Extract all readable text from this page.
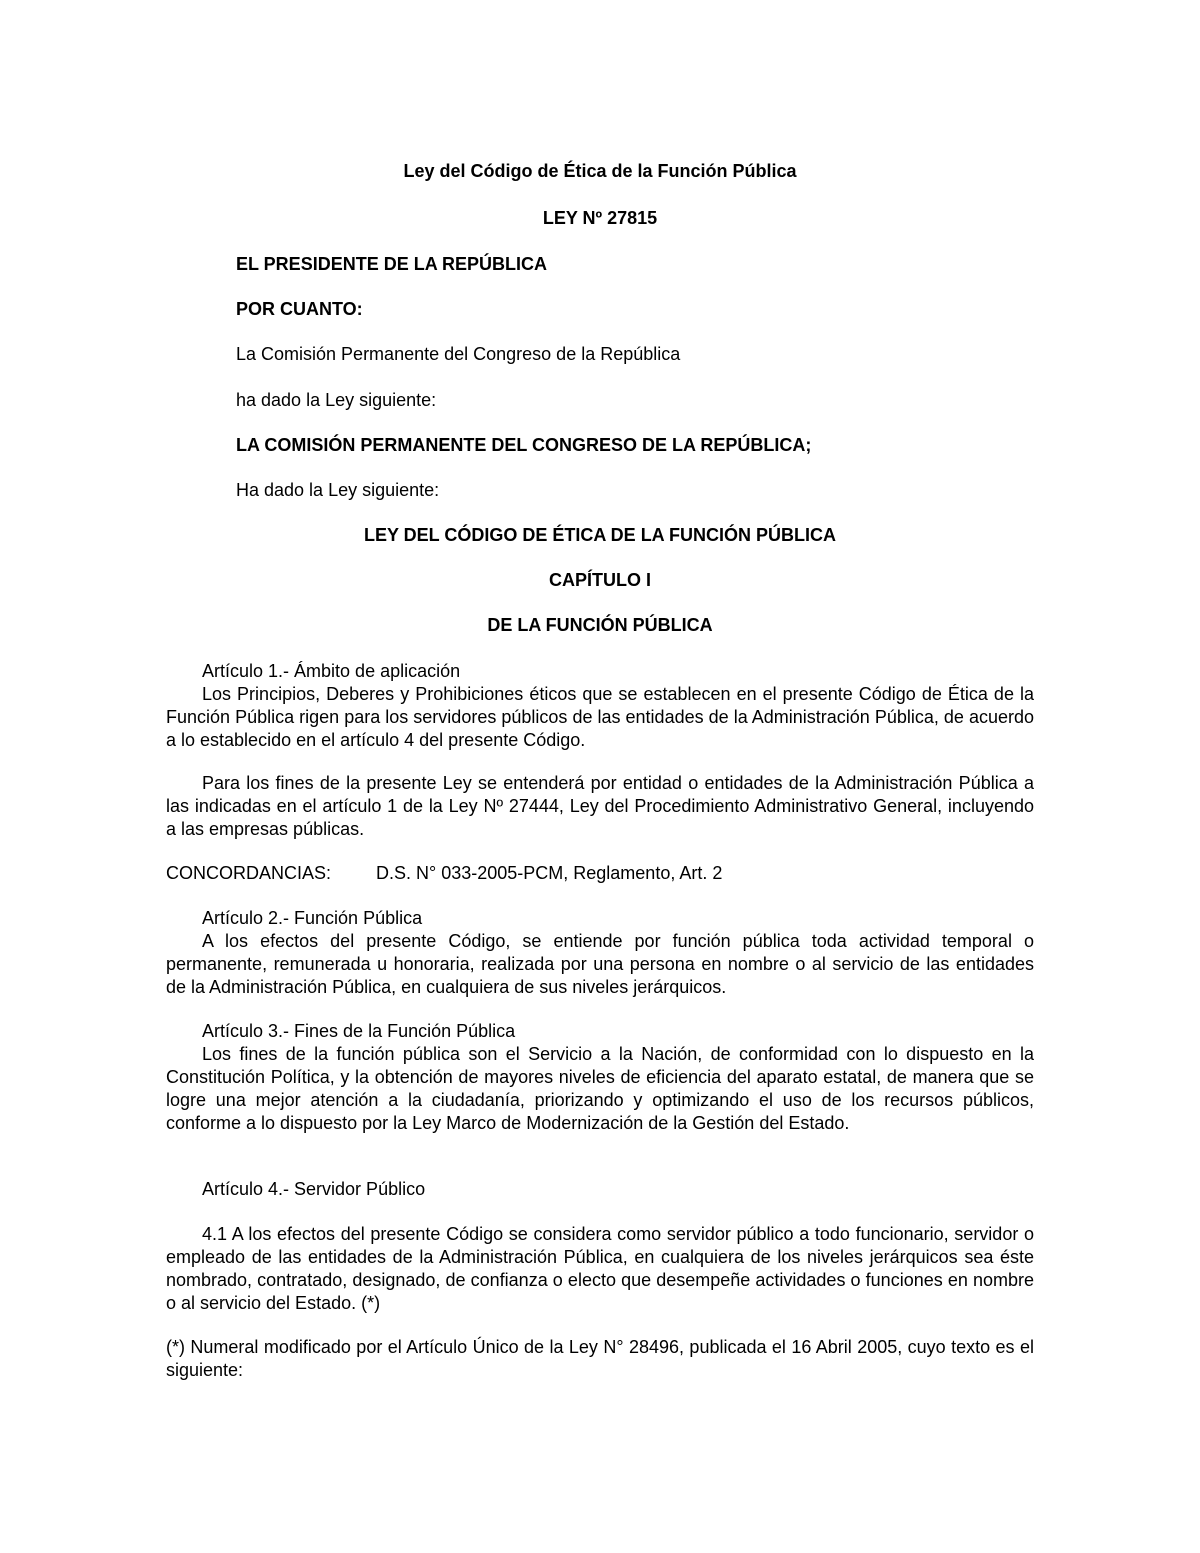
Ley del Código de Ética de la Función Pública
LEY Nº 27815
EL PRESIDENTE DE LA REPÚBLICA
POR CUANTO:
La Comisión Permanente del Congreso de la República
ha dado la Ley siguiente:
LA COMISIÓN PERMANENTE DEL CONGRESO DE LA REPÚBLICA;
Ha dado la Ley siguiente:
LEY DEL CÓDIGO DE ÉTICA DE LA FUNCIÓN PÚBLICA
CAPÍTULO I
DE LA FUNCIÓN PÚBLICA
Artículo 1.- Ámbito de aplicación
Los Principios, Deberes y Prohibiciones éticos que se establecen en el presente Código de Ética de la Función Pública rigen para los servidores públicos de las entidades de la Administración Pública, de acuerdo a lo establecido en el artículo 4 del presente Código.
Para los fines de la presente Ley se entenderá por entidad o entidades de la Administración Pública a las indicadas en el artículo 1 de la Ley Nº 27444, Ley del Procedimiento Administrativo General, incluyendo a las empresas públicas.
CONCORDANCIAS: D.S. N° 033-2005-PCM, Reglamento, Art. 2
Artículo 2.- Función Pública
A los efectos del presente Código, se entiende por función pública toda actividad temporal o permanente, remunerada u honoraria, realizada por una persona en nombre o al servicio de las entidades de la Administración Pública, en cualquiera de sus niveles jerárquicos.
Artículo 3.- Fines de la Función Pública
Los fines de la función pública son el Servicio a la Nación, de conformidad con lo dispuesto en la Constitución Política, y la obtención de mayores niveles de eficiencia del aparato estatal, de manera que se logre una mejor atención a la ciudadanía, priorizando y optimizando el uso de los recursos públicos, conforme a lo dispuesto por la Ley Marco de Modernización de la Gestión del Estado.
Artículo 4.- Servidor Público
4.1 A los efectos del presente Código se considera como servidor público a todo funcionario, servidor o empleado de las entidades de la Administración Pública, en cualquiera de los niveles jerárquicos sea éste nombrado, contratado, designado, de confianza o electo que desempeñe actividades o funciones en nombre o al servicio del Estado. (*)
(*) Numeral modificado por el Artículo Único de la Ley N° 28496, publicada el 16 Abril 2005, cuyo texto es el siguiente:
